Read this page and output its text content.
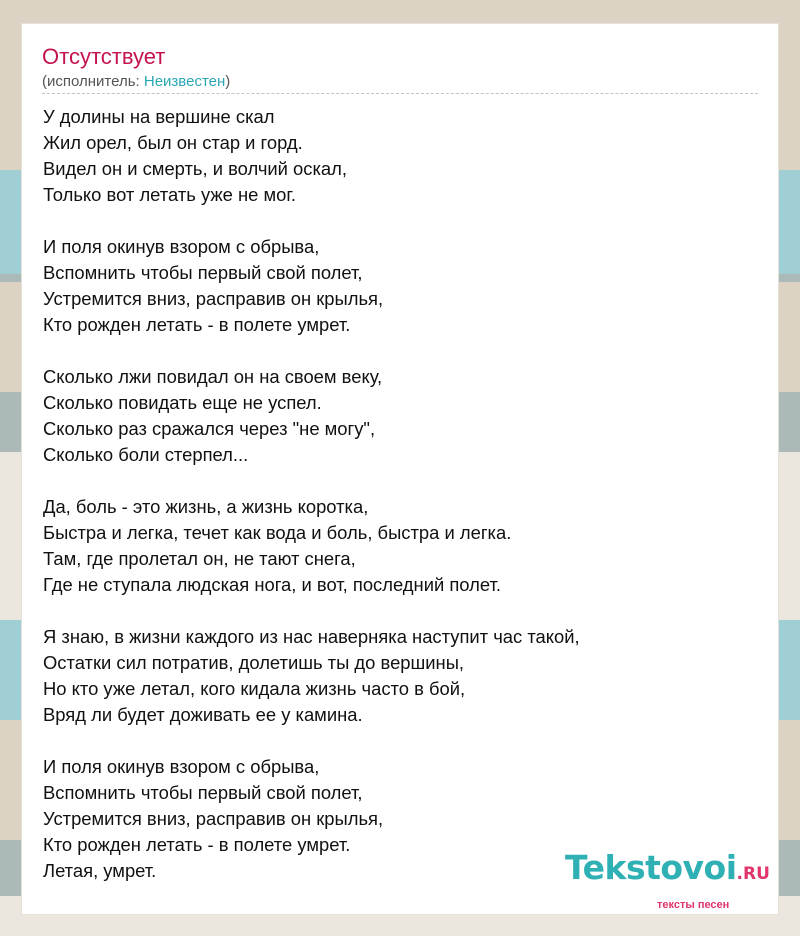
Отсутствует
(исполнитель: Неизвестен)
У долины на вершине скал
Жил орел, был он стар и горд.
Видел он и смерть, и волчий оскал,
Только вот летать уже не мог.
И поля окинув взором с обрыва,
Вспомнить чтобы первый свой полет,
Устремится вниз, расправив он крылья,
Кто рожден летать - в полете умрет.
Сколько лжи повидал он на своем веку,
Сколько повидать еще не успел.
Сколько раз сражался через "не могу",
Сколько боли стерпел...
Да, боль - это жизнь, а жизнь коротка,
Быстра и легка, течет как вода и боль, быстра и легка.
Там, где пролетал он, не тают снега,
Где не ступала людская нога, и вот, последний полет.
Я знаю, в жизни каждого из нас наверняка наступит час такой,
Остатки сил потратив, долетишь ты до вершины,
Но кто уже летал, кого кидала жизнь часто в бой,
Вряд ли будет доживать ее у камина.
И поля окинув взором с обрыва,
Вспомнить чтобы первый свой полет,
Устремится вниз, расправив он крылья,
Кто рожден летать - в полете умрет.
Летая, умрет.	Tekstovoi.RU
тексты песен
